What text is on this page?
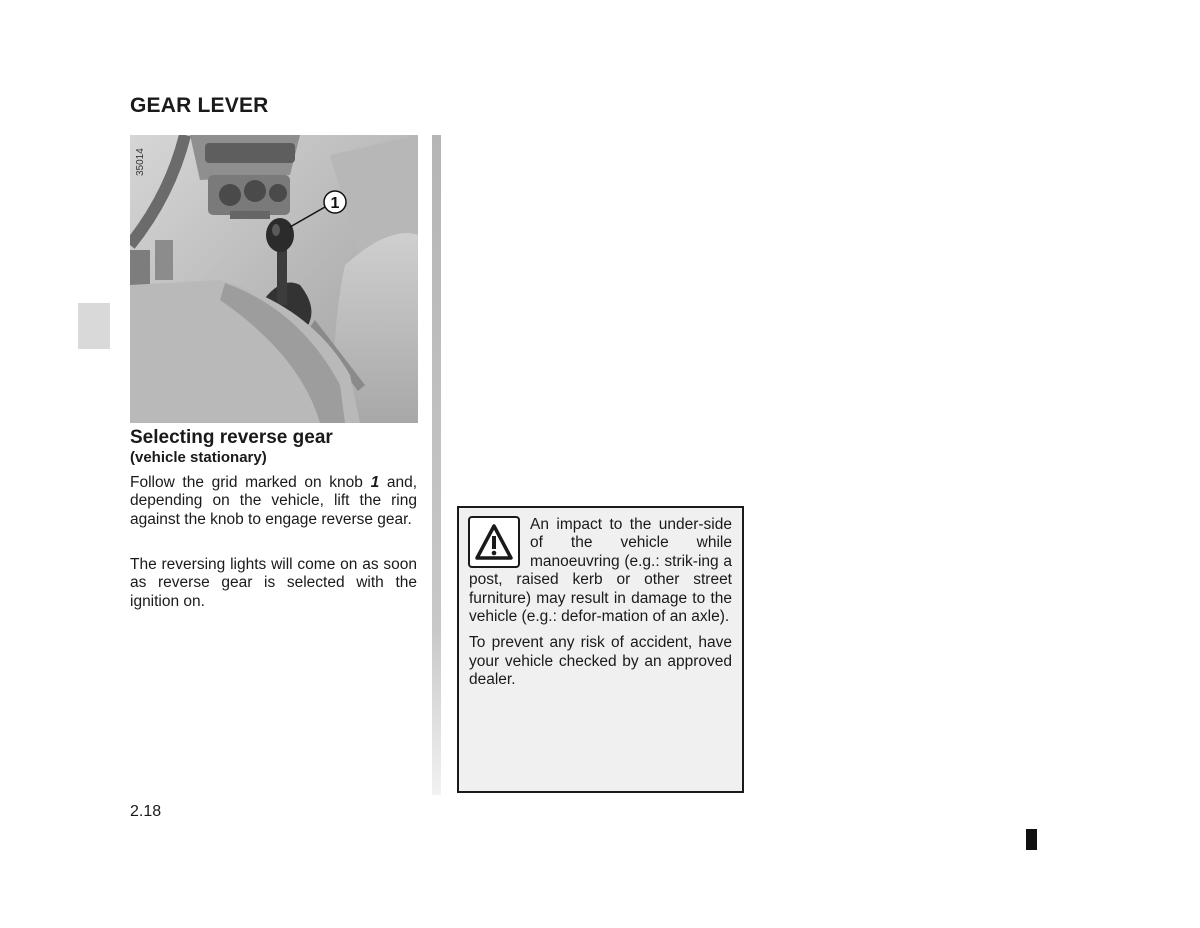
GEAR LEVER
1
35014
Selecting reverse gear
(vehicle stationary)

Follow the grid marked on knob 1 and, depending on the vehicle, lift the ring against the knob to engage reverse gear.

The reversing lights will come on as soon as reverse gear is selected with the ignition on.

An impact to the under-side of the vehicle while manoeuvring (e.g.: strik-ing a post, raised kerb or other street furniture) may result in damage to the vehicle (e.g.: defor-mation of an axle).

To prevent any risk of accident, have your vehicle checked by an approved dealer.

2.18
